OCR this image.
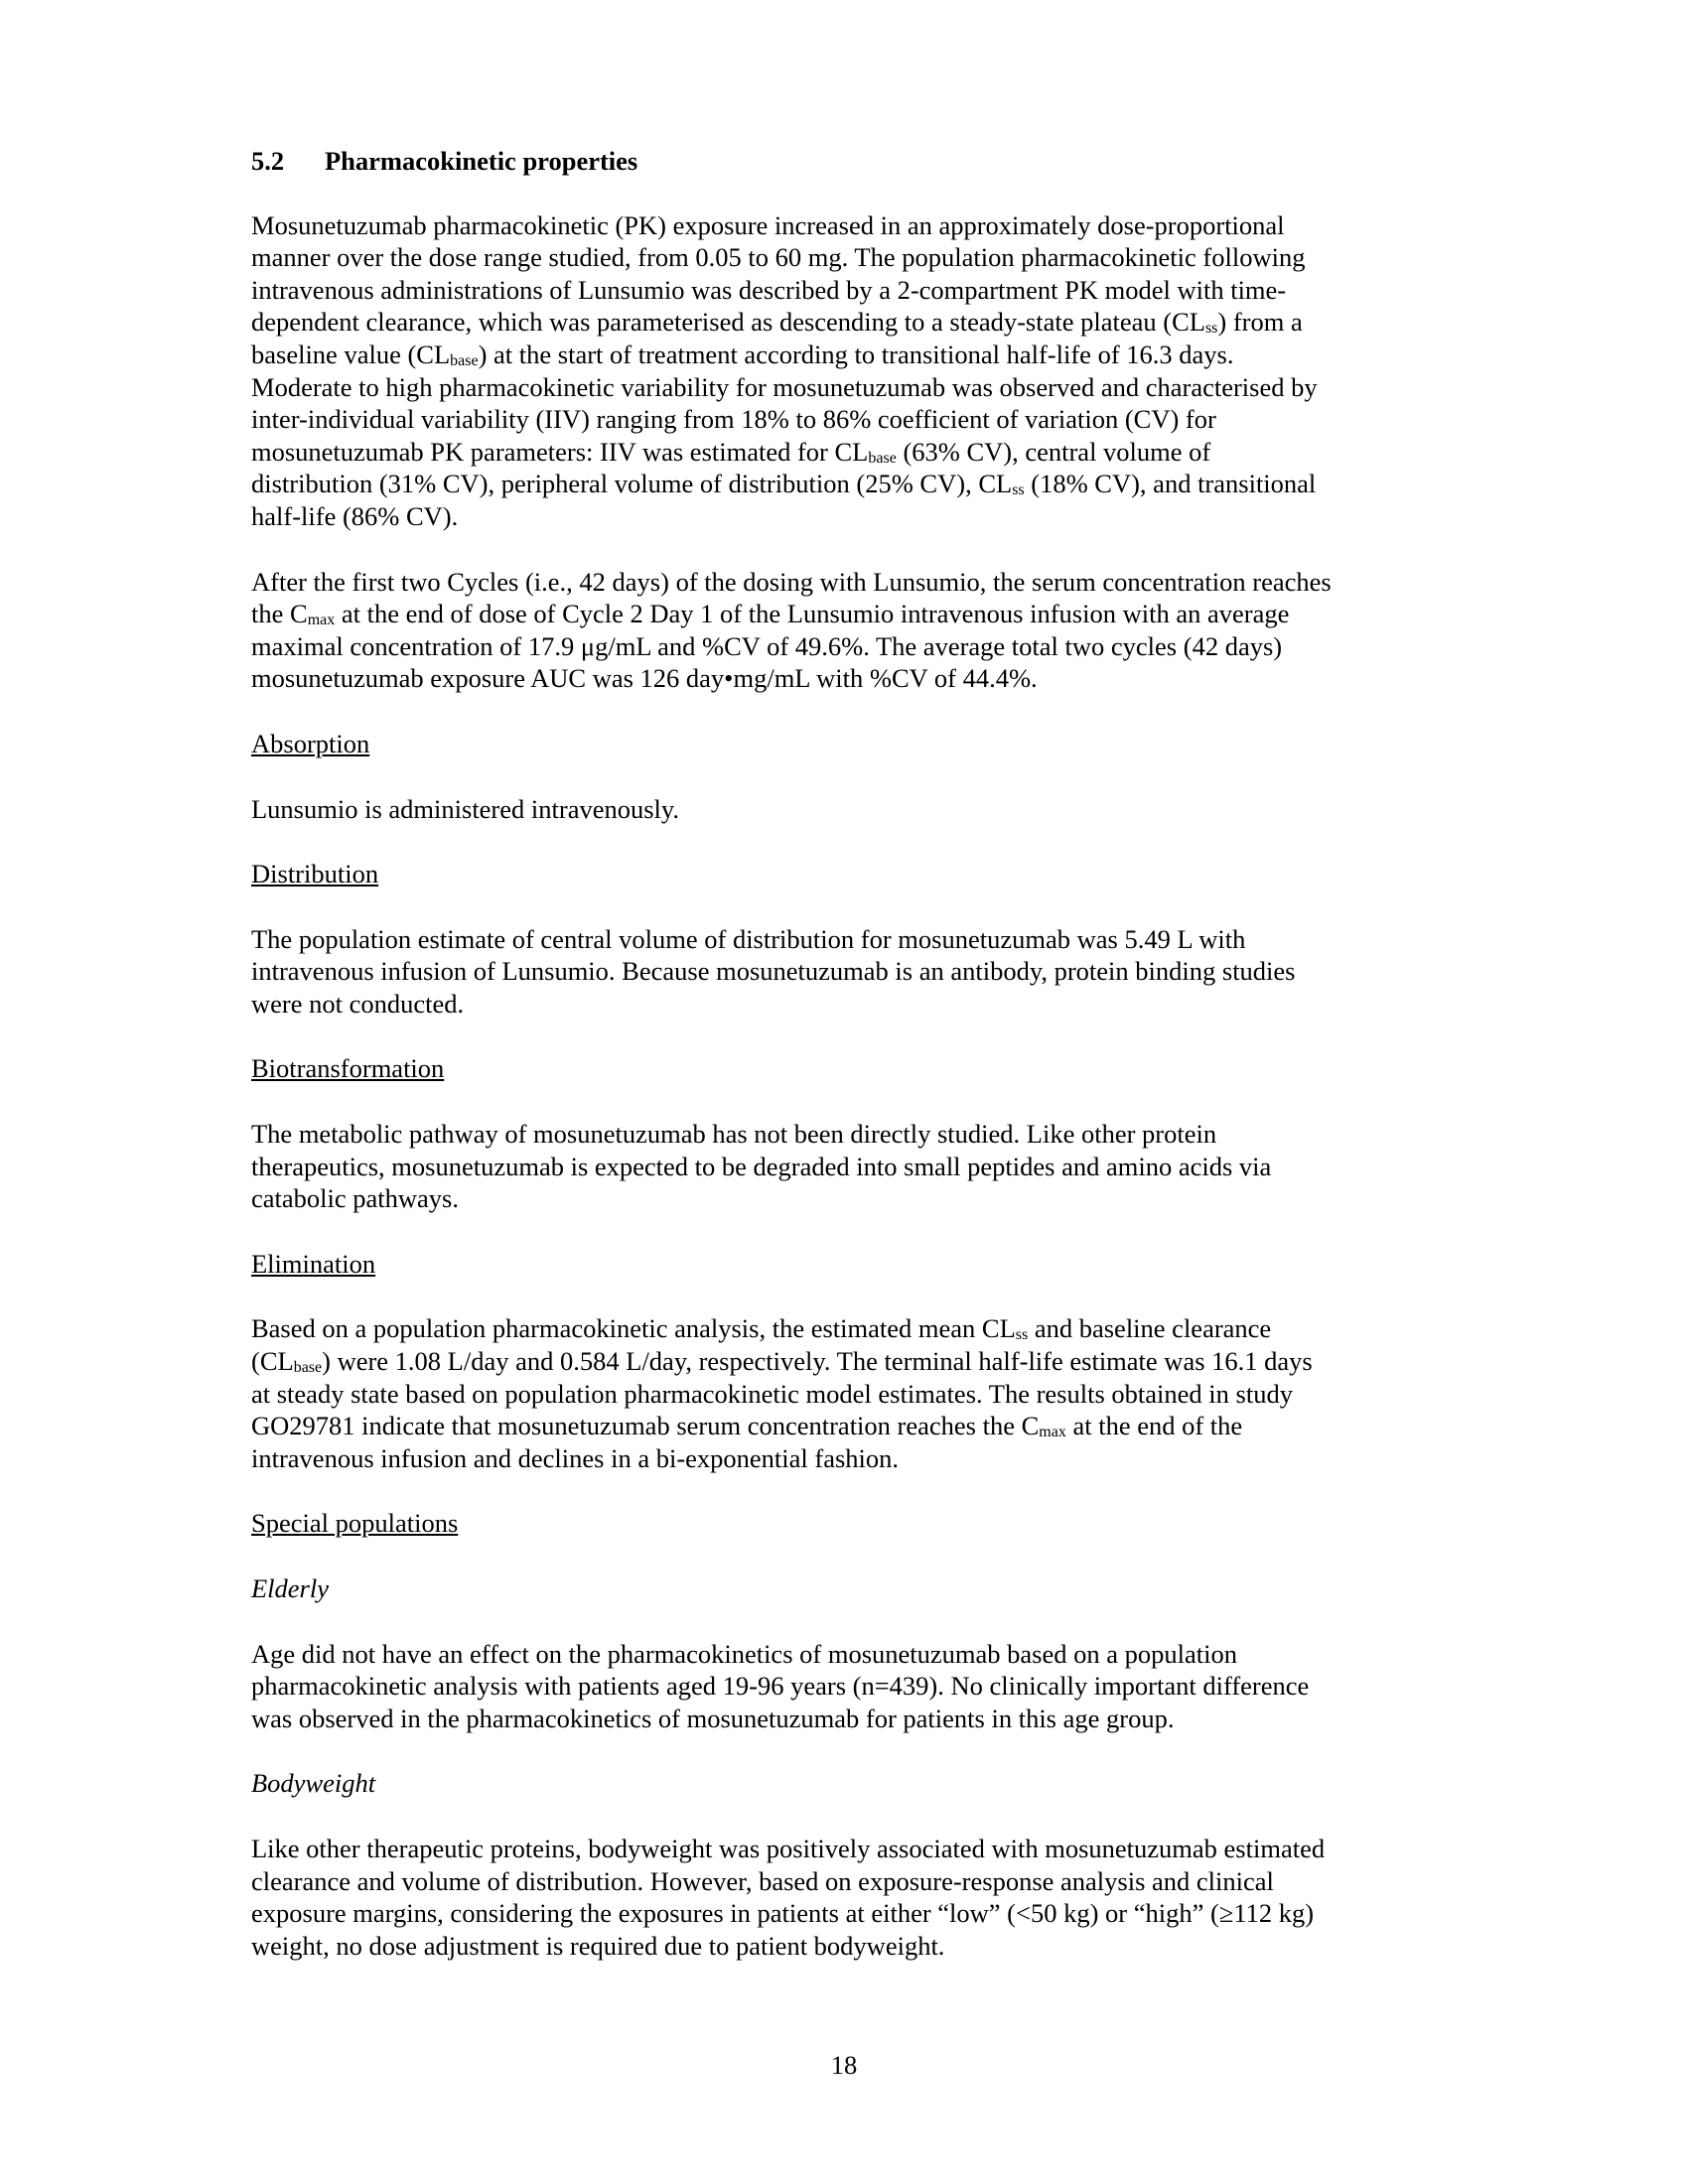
5.2 Pharmacokinetic properties

Mosunetuzumab pharmacokinetic (PK) exposure increased in an approximately dose-proportional
manner over the dose range studied, from 0.05 to 60 mg. The population pharmacokinetic following
intravenous administrations of Lunsumio was described by a 2-compartment PK model with time-
dependent clearance, which was parameterised as descending to a steady-state plateau $(CL_{ss})$ from a
baseline value $(CL_{base})$ at the start of treatment according to transitional half-life of 16.3 days.
Moderate to high pharmacokinetic variability for mosunetuzumab was observed and characterised by
inter-individual variability (IIV) ranging from 18% to 86% coefficient of variation (CV) for
mosunetuzumab PK parameters: IIV was estimated for $CL_{base}$ (63% CV), central volume of
distribution (31% CV), peripheral volume of distribution (25% CV), $CL_{ss}$ (18% CV), and transitional
half-life (86% CV).

After the first two Cycles (i.e., 42 days) of the dosing with Lunsumio, the serum concentration reaches
the $C_{max}$ at the end of dose of Cycle 2 Day 1 of the Lunsumio intravenous infusion with an average
maximal concentration of 17.9 μg/mL and %CV of 49.6%. The average total two cycles (42 days)
mosunetuzumab exposure AUC was 126 day•mg/mL with %CV of 44.4%.

Absorption

Lunsumio is administered intravenously.

Distribution

The population estimate of central volume of distribution for mosunetuzumab was 5.49 L with
intravenous infusion of Lunsumio. Because mosunetuzumab is an antibody, protein binding studies
were not conducted.

Biotransformation

The metabolic pathway of mosunetuzumab has not been directly studied. Like other protein
therapeutics, mosunetuzumab is expected to be degraded into small peptides and amino acids via
catabolic pathways.

Elimination

Based on a population pharmacokinetic analysis, the estimated mean $CL_{ss}$ and baseline clearance
$(CL_{base})$ were 1.08 L/day and 0.584 L/day, respectively. The terminal half-life estimate was 16.1 days
at steady state based on population pharmacokinetic model estimates. The results obtained in study
GO29781 indicate that mosunetuzumab serum concentration reaches the $C_{max}$ at the end of the
intravenous infusion and declines in a bi-exponential fashion.

Special populations
Elderly

Age did not have an effect on the pharmacokinetics of mosunetuzumab based on a population
pharmacokinetic analysis with patients aged 19-96 years (n=439). No clinically important difference
was observed in the pharmacokinetics of mosunetuzumab for patients in this age group.

Bodyweight

Like other therapeutic proteins, bodyweight was positively associated with mosunetuzumab estimated
clearance and volume of distribution. However, based on exposure-response analysis and clinical
exposure margins, considering the exposures in patients at either “low” (<50 kg) or “high” (≥112 kg)
weight, no dose adjustment is required due to patient bodyweight.

18
